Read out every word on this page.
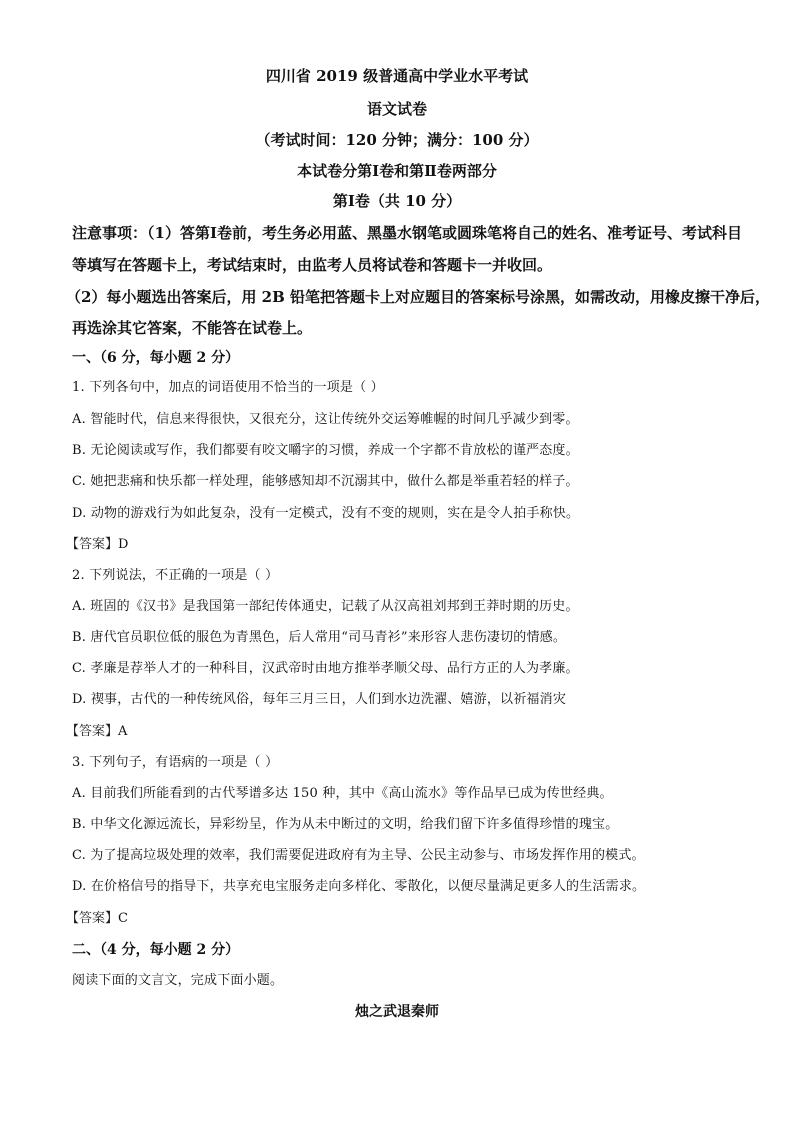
四川省 2019 级普通高中学业水平考试
语文试卷
（考试时间：120 分钟；满分：100 分）
本试卷分第Ⅰ卷和第Ⅱ卷两部分
第Ⅰ卷（共 10 分）
注意事项：（1）答第Ⅰ卷前，考生务必用蓝、黑墨水钢笔或圆珠笔将自己的姓名、准考证号、考试科目
等填写在答题卡上，考试结束时，由监考人员将试卷和答题卡一并收回。
（2）每小题选出答案后，用 2B 铅笔把答题卡上对应题目的答案标号涂黑，如需改动，用橡皮擦干净后，
再选涂其它答案，不能答在试卷上。
一、（6 分，每小题 2 分）
1. 下列各句中，加点的词语使用不恰当的一项是（ ）
A. 智能时代，信息来得很快，又很充分，这让传统外交运筹帷幄的时间几乎减少到零。
B. 无论阅读或写作，我们都要有咬文嚼字的习惯，养成一个字都不肯放松的谨严态度。
C. 她把悲痛和快乐都一样处理，能够感知却不沉溺其中，做什么都是举重若轻的样子。
D. 动物的游戏行为如此复杂，没有一定模式，没有不变的规则，实在是令人拍手称快。
【答案】D
2. 下列说法，不正确的一项是（ ）
A. 班固的《汉书》是我国第一部纪传体通史，记载了从汉高祖刘邦到王莽时期的历史。
B. 唐代官员职位低的服色为青黑色，后人常用“司马青衫”来形容人悲伤凄切的情感。
C. 孝廉是荐举人才的一种科目，汉武帝时由地方推举孝顺父母、品行方正的人为孝廉。
D. 禊事，古代的一种传统风俗，每年三月三日，人们到水边洗濯、嬉游，以祈福消灾
【答案】A
3. 下列句子，有语病的一项是（ ）
A. 目前我们所能看到的古代琴谱多达 150 种，其中《高山流水》等作品早已成为传世经典。
B. 中华文化源远流长，异彩纷呈，作为从未中断过的文明，给我们留下许多值得珍惜的瑰宝。
C. 为了提高垃圾处理的效率，我们需要促进政府有为主导、公民主动参与、市场发挥作用的模式。
D. 在价格信号的指导下，共享充电宝服务走向多样化、零散化，以便尽量满足更多人的生活需求。
【答案】C
二、（4 分，每小题 2 分）
阅读下面的文言文，完成下面小题。
烛之武退秦师
